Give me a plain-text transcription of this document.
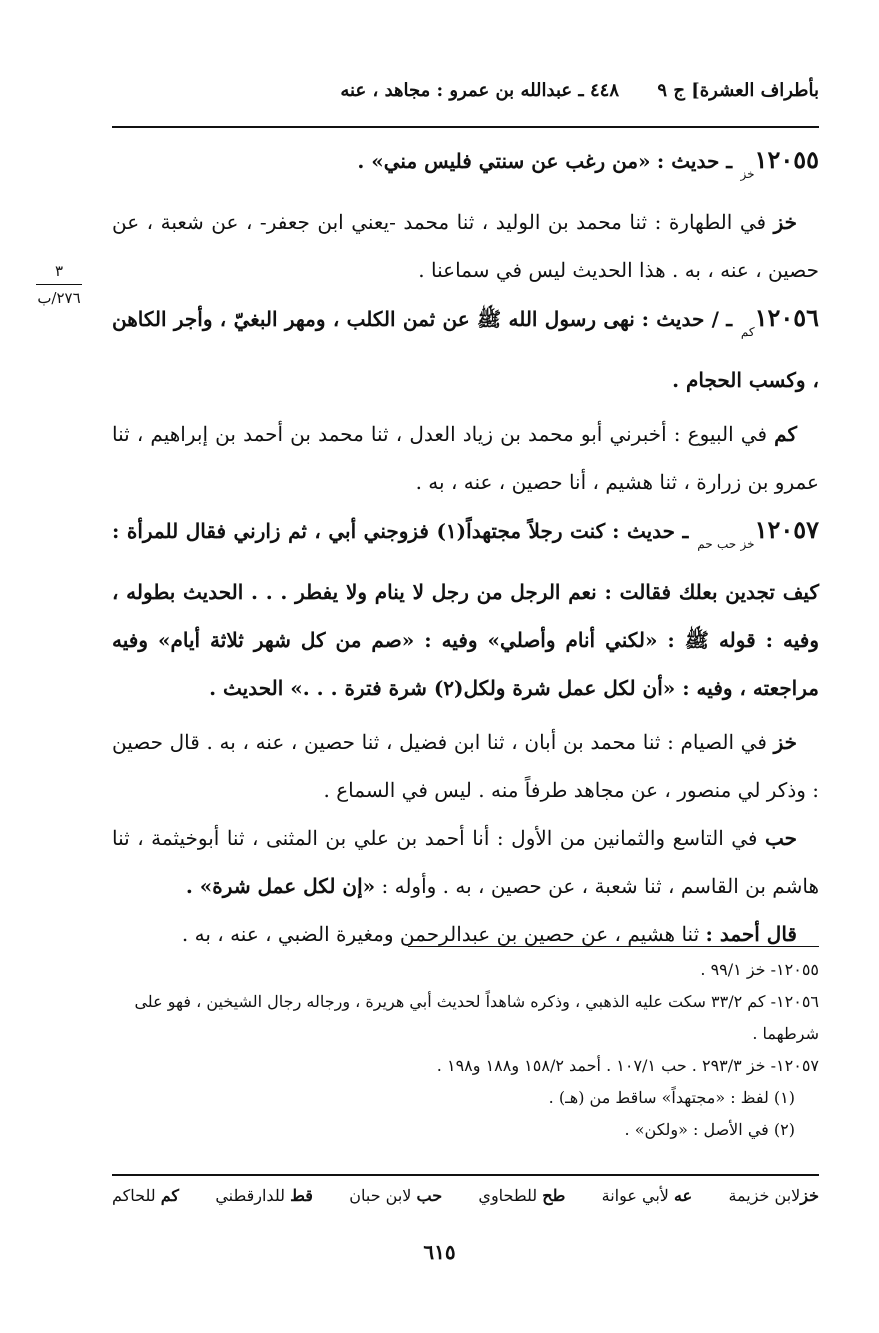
بأطراف العشرة] ج ٩
٤٤٨ ـ عبدالله بن عمرو : مجاهد ، عنه
٣
٢٧٦/ب

$١٢٠٥٥_{خز}$ ـ حديث : «من رغب عن سنتي فليس مني» .

خز في الطهارة : ثنا محمد بن الوليد ، ثنا محمد -يعني ابن جعفر- ، عن شعبة ، عن حصين ، عنه ، به . هذا الحديث ليس في سماعنا .

$١٢٠٥٦_{كم}$ ـ / حديث : نهى رسول الله ﷺ عن ثمن الكلب ، ومهر البغيّ ، وأجر الكاهن ، وكسب الحجام .

كم في البيوع : أخبرني أبو محمد بن زياد العدل ، ثنا محمد بن أحمد بن إبراهيم ، ثنا عمرو بن زرارة ، ثنا هشيم ، أنا حصين ، عنه ، به .

$١٢٠٥٧_{خز حب حم}$ ـ حديث : كنت رجلاً مجتهداً(١) فزوجني أبي ، ثم زارني فقال للمرأة : كيف تجدين بعلك فقالت : نعم الرجل من رجل لا ينام ولا يفطر . . . الحديث بطوله ، وفيه : قوله ﷺ : «لكني أنام وأصلي» وفيه : «صم من كل شهر ثلاثة أيام» وفيه مراجعته ، وفيه : «أن لكل عمل شرة ولكل(٢) شرة فترة . . .» الحديث .

خز في الصيام : ثنا محمد بن أبان ، ثنا ابن فضيل ، ثنا حصين ، عنه ، به . قال حصين : وذكر لي منصور ، عن مجاهد طرفاً منه . ليس في السماع .

حب في التاسع والثمانين من الأول : أنا أحمد بن علي بن المثنى ، ثنا أبوخيثمة ، ثنا هاشم بن القاسم ، ثنا شعبة ، عن حصين ، به . وأوله : «إن لكل عمل شرة» .

قال أحمد : ثنا هشيم ، عن حصين بن عبدالرحمن ومغيرة الضبي ، عنه ، به .

١٢٠٥٥- خز ٩٩/١ .

١٢٠٥٦- كم ٣٣/٢ سكت عليه الذهبي ، وذكره شاهداً لحديث أبي هريرة ، ورجاله رجال الشيخين ، فهو على شرطهما .

١٢٠٥٧- خز ٢٩٣/٣ . حب ١٠٧/١ . أحمد ١٥٨/٢ و١٨٨ و١٩٨ .

(١) لفظ : «مجتهداً» ساقط من (هـ) .

(٢) في الأصل : «ولكن» .

خزلابن خزيمة
عه لأبي عوانة
طح للطحاوي
حب لابن حبان
قط للدارقطني
كم للحاكم
٦١٥
